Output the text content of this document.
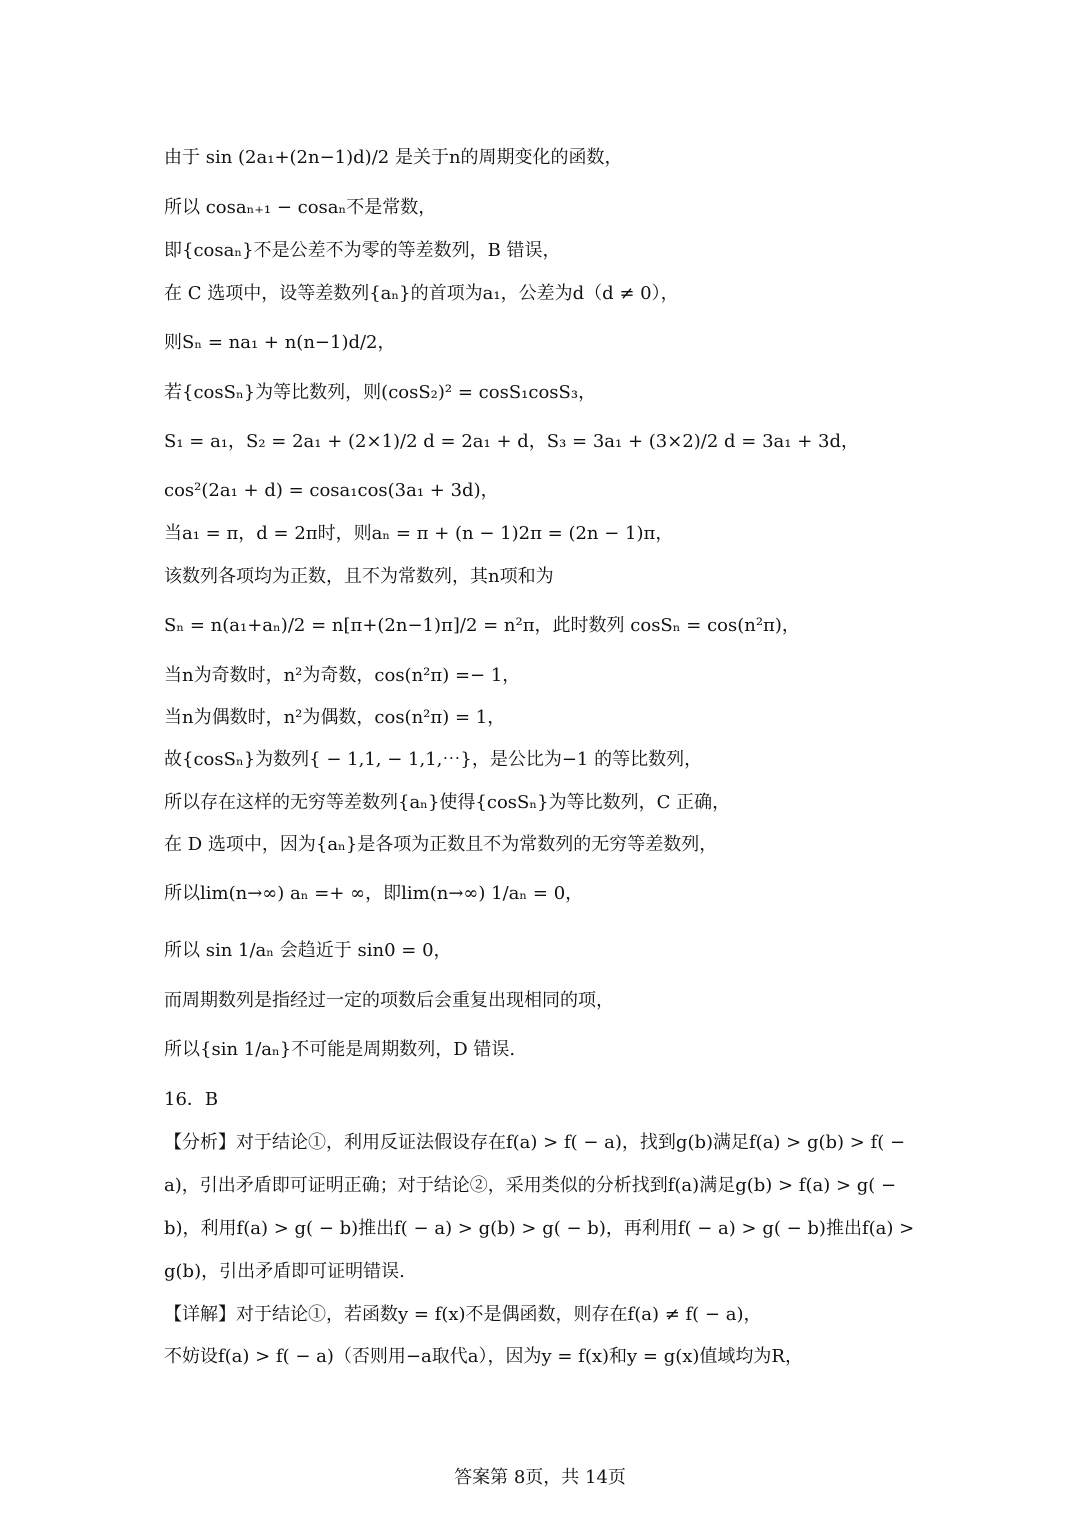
由于 sin (2a₁+(2n−1)d)/2 是关于n的周期变化的函数，
所以 cosaₙ₊₁ − cosaₙ不是常数，
即{cosaₙ}不是公差不为零的等差数列，B 错误，
在 C 选项中，设等差数列{aₙ}的首项为a₁，公差为d（d ≠ 0），
则Sₙ = na₁ + n(n−1)d/2，
若{cosSₙ}为等比数列，则(cosS₂)² = cosS₁cosS₃，
S₁ = a₁，S₂ = 2a₁ + (2×1)/2 d = 2a₁ + d，S₃ = 3a₁ + (3×2)/2 d = 3a₁ + 3d，
cos²(2a₁ + d) = cosa₁cos(3a₁ + 3d)，
当a₁ = π，d = 2π时，则aₙ = π + (n − 1)2π = (2n − 1)π，
该数列各项均为正数，且不为常数列，其n项和为
Sₙ = n(a₁+aₙ)/2 = n[π+(2n−1)π]/2 = n²π，此时数列 cosSₙ = cos(n²π)，
当n为奇数时，n²为奇数，cos(n²π) =− 1，
当n为偶数时，n²为偶数，cos(n²π) = 1，
故{cosSₙ}为数列{ − 1,1, − 1,1,⋯}，是公比为−1 的等比数列，
所以存在这样的无穷等差数列{aₙ}使得{cosSₙ}为等比数列，C 正确，
在 D 选项中，因为{aₙ}是各项为正数且不为常数列的无穷等差数列，
所以lim(n→∞) aₙ =+ ∞，即lim(n→∞) 1/aₙ = 0，
所以 sin 1/aₙ 会趋近于 sin0 = 0，
而周期数列是指经过一定的项数后会重复出现相同的项，
所以{sin 1/aₙ}不可能是周期数列，D 错误.
16．B
【分析】对于结论①，利用反证法假设存在f(a) > f( − a)，找到g(b)满足f(a) > g(b) > f( −
a)，引出矛盾即可证明正确；对于结论②，采用类似的分析找到f(a)满足g(b) > f(a) > g( −
b)，利用f(a) > g( − b)推出f( − a) > g(b) > g( − b)，再利用f( − a) > g( − b)推出f(a) >
g(b)，引出矛盾即可证明错误.
【详解】对于结论①，若函数y = f(x)不是偶函数，则存在f(a) ≠ f( − a)，
不妨设f(a) > f( − a)（否则用−a取代a），因为y = f(x)和y = g(x)值域均为R，
答案第 8页，共 14页
